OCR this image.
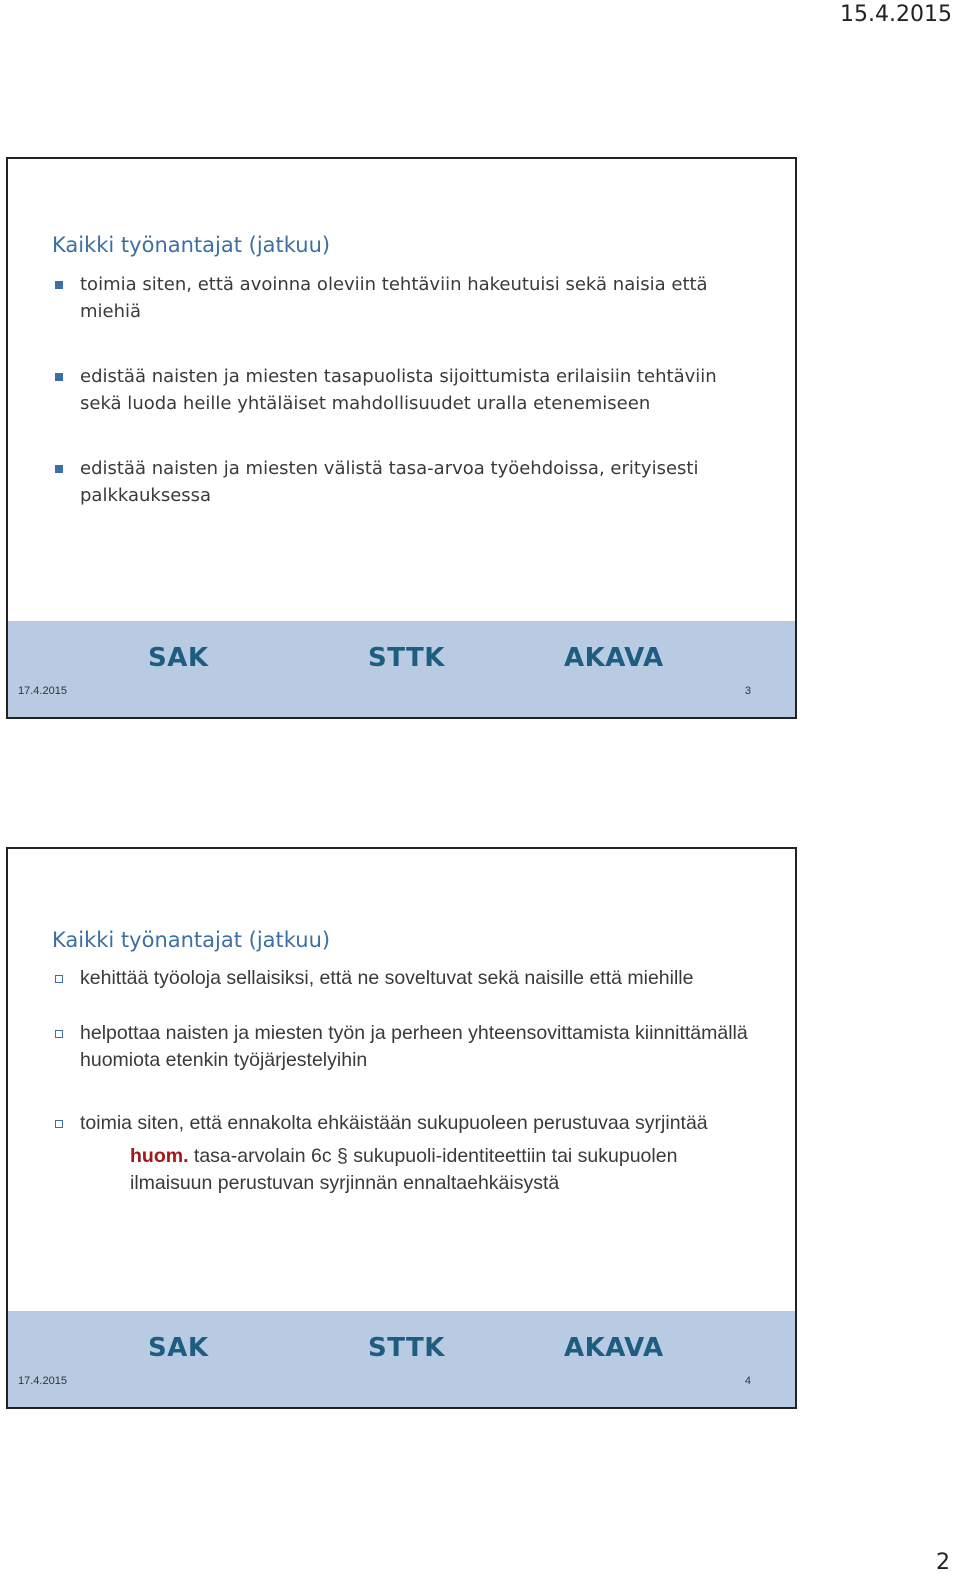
15.4.2015
Kaikki työnantajat (jatkuu)
toimia siten, että avoinna oleviin tehtäviin hakeutuisi sekä naisia että miehiä
edistää naisten ja miesten tasapuolista sijoittumista erilaisiin tehtäviin sekä luoda heille yhtäläiset mahdollisuudet uralla etenemiseen
edistää naisten ja miesten välistä tasa-arvoa työehdoissa, erityisesti palkkauksessa
SAK	STTK	AKAVA
17.4.2015	3
Kaikki työnantajat (jatkuu)
kehittää työoloja sellaisiksi, että ne soveltuvat sekä naisille että miehille
helpottaa naisten ja miesten työn ja perheen yhteensovittamista kiinnittämällä huomiota etenkin työjärjestelyihin
toimia siten, että ennakolta ehkäistään sukupuoleen perustuvaa syrjintää
huom. tasa-arvolain 6c § sukupuoli-identiteettiin tai sukupuolen ilmaisuun perustuvan syrjinnän ennaltaehkäisystä
SAK	STTK	AKAVA
17.4.2015	4
2
